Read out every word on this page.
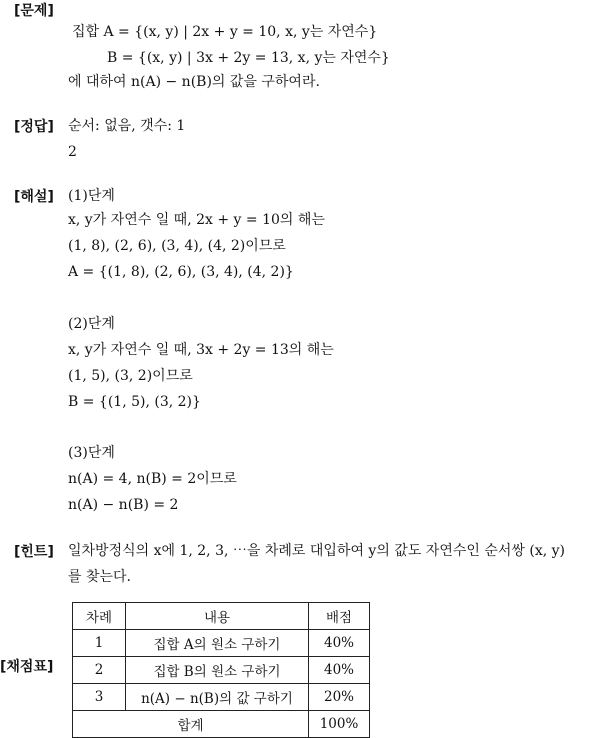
[문제]
집합 A = {(x, y) | 2x + y = 10, x, y는 자연수}
B = {(x, y) | 3x + 2y = 13, x, y는 자연수}
에 대하여 n(A) − n(B)의 값을 구하여라.
[정답] 순서: 없음, 갯수: 1
2
[해설] (1)단계
x, y가 자연수 일 때, 2x + y = 10의 해는
(1, 8), (2, 6), (3, 4), (4, 2)이므로
A = {(1, 8), (2, 6), (3, 4), (4, 2)}
(2)단계
x, y가 자연수 일 때, 3x + 2y = 13의 해는
(1, 5), (3, 2)이므로
B = {(1, 5), (3, 2)}
(3)단계
n(A) = 4, n(B) = 2이므로
n(A) − n(B) = 2
[힌트] 일차방정식의 x에 1, 2, 3, ⋯을 차례로 대입하여 y의 값도 자연수인 순서쌍 (x, y)
를 찾는다.
[채점표]
차례	내용	배점
1	집합 A의 원소 구하기	40%
2	집합 B의 원소 구하기	40%
3	n(A) − n(B)의 값 구하기	20%
합계		100%
